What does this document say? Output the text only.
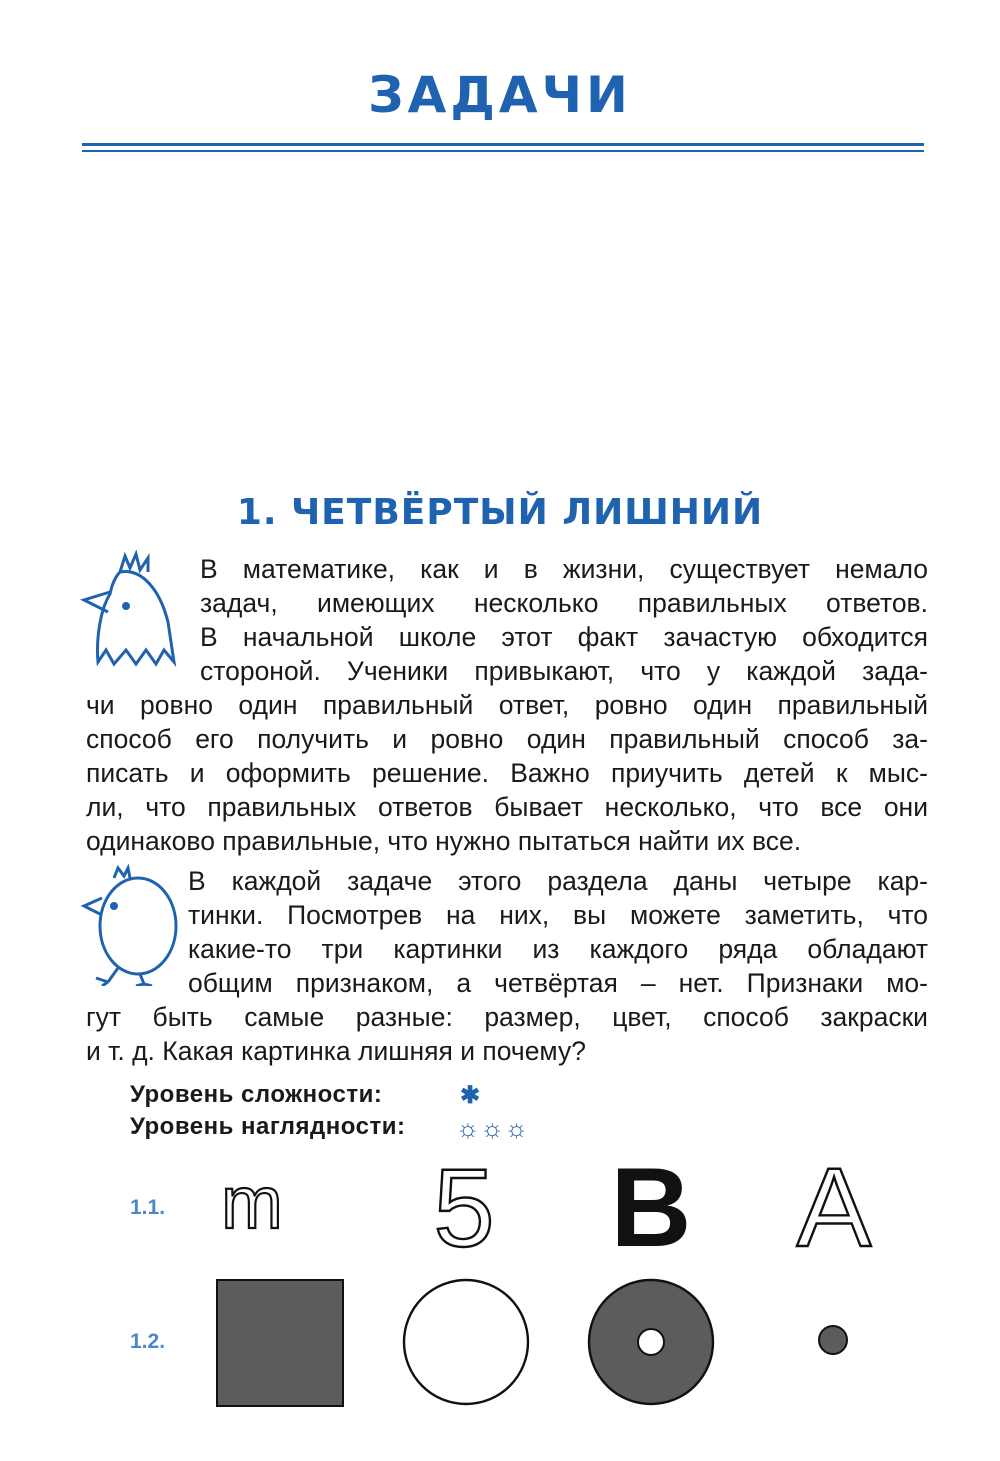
ЗАДАЧИ
1. ЧЕТВЁРТЫЙ ЛИШНИЙ
В математике, как и в жизни, существует немало
задач, имеющих несколько правильных ответов.
В начальной школе этот факт зачастую обходится
стороной. Ученики привыкают, что у каждой зада-
чи ровно один правильный ответ, ровно один правильный
способ его получить и ровно один правильный способ за-
писать и оформить решение. Важно приучить детей к мыс-
ли, что правильных ответов бывает несколько, что все они
одинаково правильные, что нужно пытаться найти их все.
В каждой задаче этого раздела даны четыре кар-
тинки. Посмотрев на них, вы можете заметить, что
какие-то три картинки из каждого ряда обладают
общим признаком, а четвёртая – нет. Признаки мо-
гут быть самые разные: размер, цвет, способ закраски
и т. д. Какая картинка лишняя и почему?
Уровень сложности:	✱
Уровень наглядности: ☼☼☼
1.1. m 5 B A
1.2.
